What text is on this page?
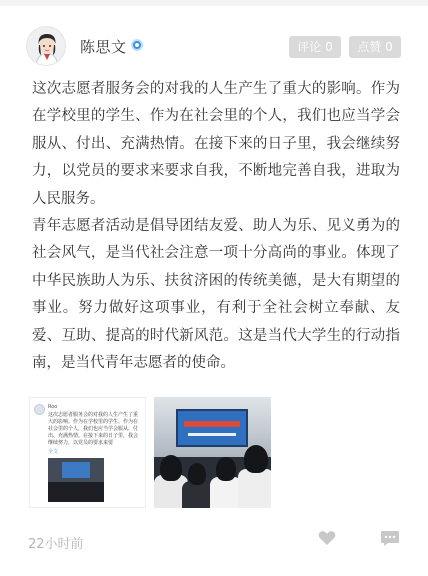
陈思文	评论 0	点赞 0

这次志愿者服务会的对我的人生产生了重大的影响。作为在学校里的学生、作为在社会里的个人，我们也应当学会服从、付出、充满热情。在接下来的日子里，我会继续努力，以党员的要求来要求自我，不断地完善自我，进取为人民服务。

青年志愿者活动是倡导团结友爱、助人为乐、见义勇为的社会风气，是当代社会注意一项十分高尚的事业。体现了中华民族助人为乐、扶贫济困的传统美德，是大有期望的事业。努力做好这项事业，有利于全社会树立奉献、友爱、互助、提高的时代新风范。这是当代大学生的行动指南，是当代青年志愿者的使命。

Roo
这次志愿者服务会的对我的人生产生了重大的影响。作为在学校里的学生、作为在社会里的个人，我们也应当学会服从、付出、充满热情。在接下来的日子里，我会继续努力，以党员的要求来要
全文
22小时前
